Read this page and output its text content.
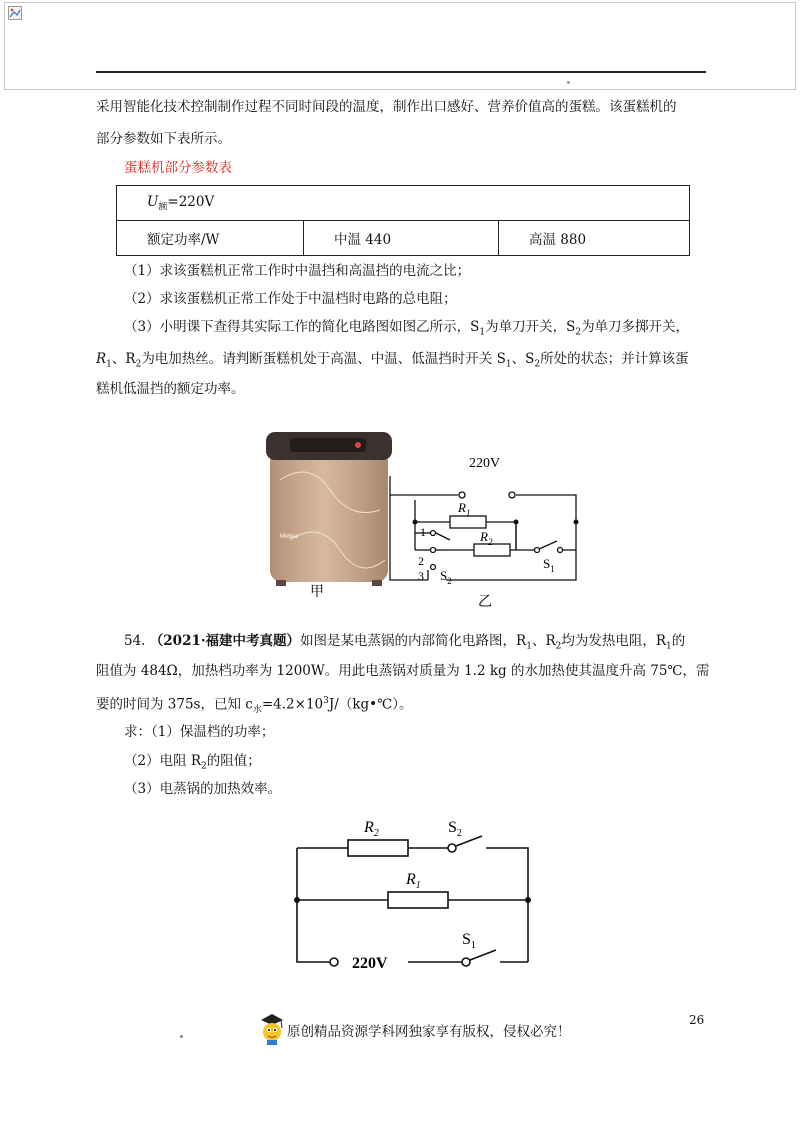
采用智能化技术控制制作过程不同时间段的温度，制作出口感好、营养价值高的蛋糕。该蛋糕机的
部分参数如下表所示。
蛋糕机部分参数表
$U_额=220V$
额定功率/W	中温 440	高温 880
（1）求该蛋糕机正常工作时中温挡和高温挡的电流之比；
（2）求该蛋糕机正常工作处于中温档时电路的总电阻；
（3）小明课下查得其实际工作的简化电路图如图乙所示，$S_1$为单刀开关，$S_2$为单刀多掷开关，
$R_1$、$R_2$为电加热丝。请判断蛋糕机处于高温、中温、低温挡时开关 $S_1$、$S_2$所处的状态；并计算该蛋
糕机低温挡的额定功率。
Midea
甲
220V
$R_1$
$R_2$
$S_1$
$S_2$
1
2
3
乙
54. （2021·福建中考真题）如图是某电蒸锅的内部简化电路图，$R_1$、$R_2$均为发热电阻，$R_1$的
阻值为 484Ω，加热档功率为 1200W。用此电蒸锅对质量为 1.2 kg 的水加热使其温度升高 75℃，需
要的时间为 375s，已知 $c_水=4.2\times 10^3J/(kg•℃)$。
求：（1）保温档的功率；
（2）电阻 $R_2$的阻值；
（3）电蒸锅的加热效率。
$R_2$
$R_1$
$S_2$
$S_1$
220V
原创精品资源学科网独家享有版权，侵权必究！
26
